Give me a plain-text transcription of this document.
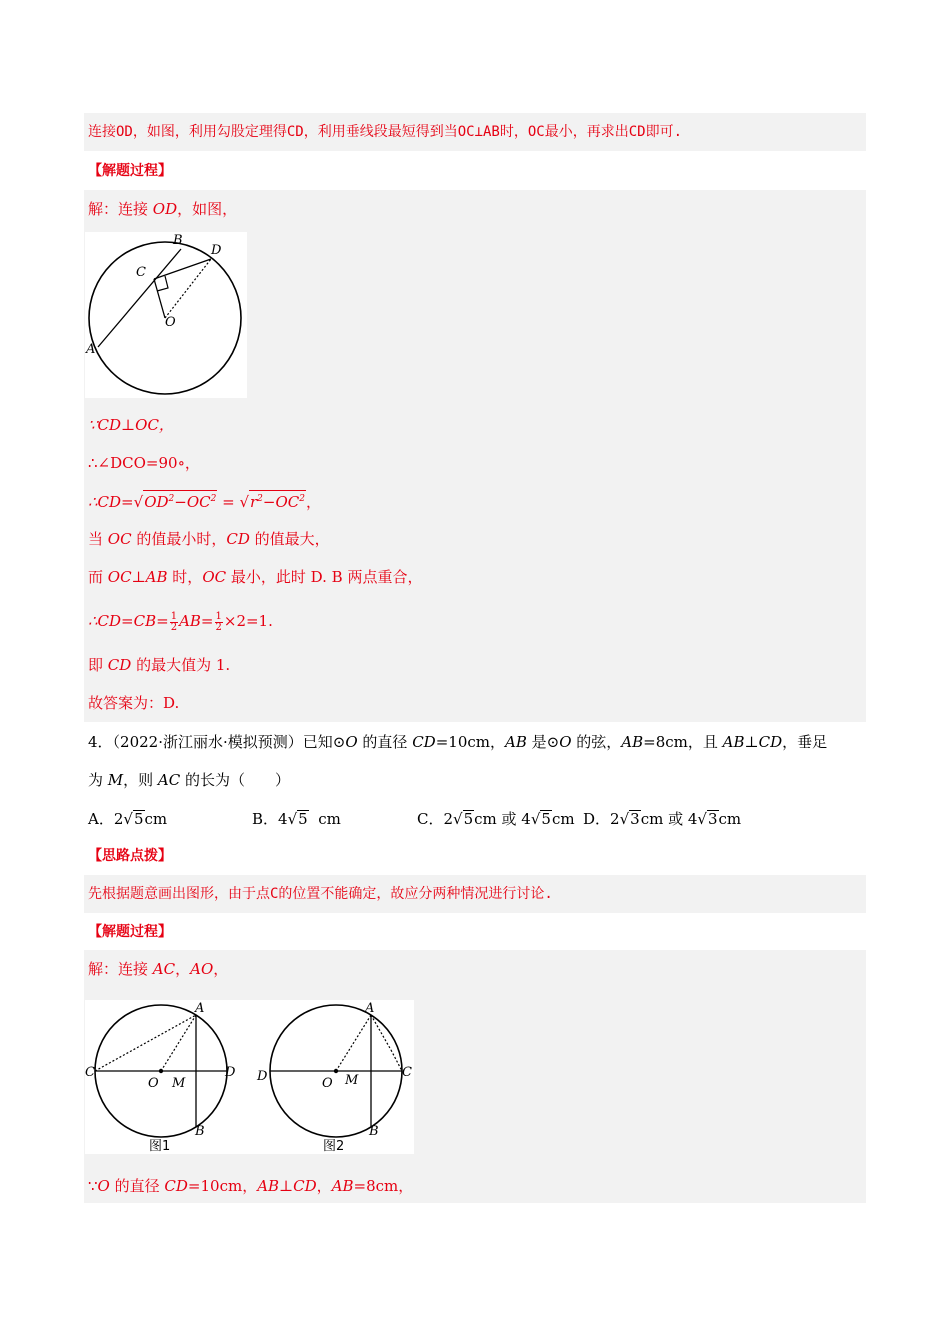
连接OD，如图，利用勾股定理得CD，利用垂线段最短得到当OC⊥AB时，OC最小，再求出CD即可.
【解题过程】
解：连接 OD，如图，
B
D
C
O
A
∵CD⊥OC，
∴∠DCO=90∘，
$\therefore CD=√OD^2-OC^2 = √r^2-OC^2$，
当 OC 的值最小时，CD 的值最大，
而 OC⊥AB 时，OC 最小，此时 D. B 两点重合，
∴CD=CB= $\frac{1}{2} AB= \frac{1}{2} \times 2=1$.
即 CD 的最大值为 1.
故答案为：D.
4．（2022·浙江丽水·模拟预测）已知⊙O 的直径 CD=10cm，AB 是⊙O 的弦，AB=8cm，且 AB⊥CD，垂足
为 M，则 AC 的长为（　　）
A．2√5cm	B．4√5  cm	C．2√5cm 或 4√5cm D．2√3cm 或 4√3cm
【思路点拨】
先根据题意画出图形，由于点C的位置不能确定，故应分两种情况进行讨论.
【解题过程】
解：连接 AC，AO，
A
C	D
O M
B
图1
A
D	C
O M
B
图2
∵O 的直径 CD=10cm，AB⊥CD，AB=8cm，
